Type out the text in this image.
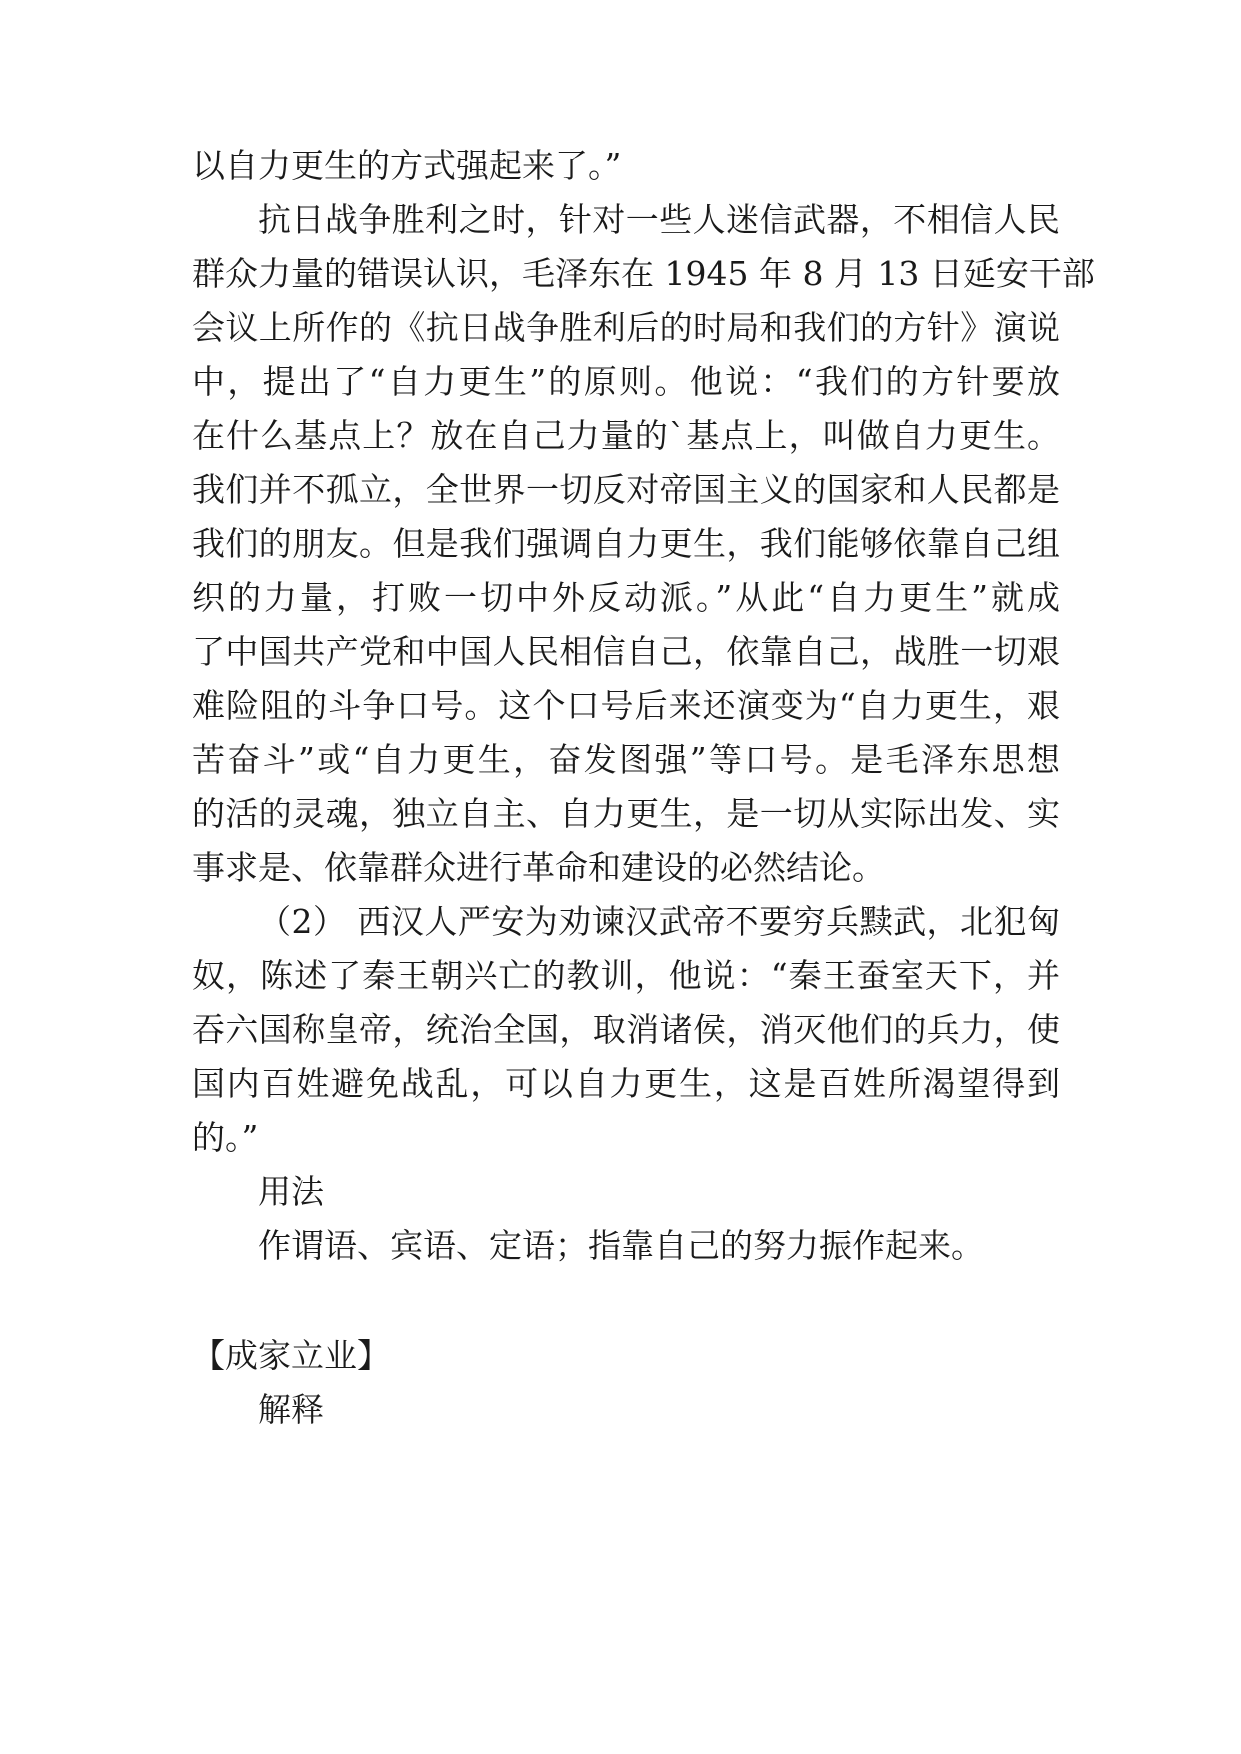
以自力更生的方式强起来了。”
抗日战争胜利之时，针对一些人迷信武器，不相信人民
群众力量的错误认识，毛泽东在 1945 年 8 月 13 日延安干部
会议上所作的《抗日战争胜利后的时局和我们的方针》演说
中，提出了“自力更生”的原则。他说：“我们的方针要放
在什么基点上？放在自己力量的`基点上，叫做自力更生。
我们并不孤立，全世界一切反对帝国主义的国家和人民都是
我们的朋友。但是我们强调自力更生，我们能够依靠自己组
织的力量，打败一切中外反动派。”从此“自力更生”就成
了中国共产党和中国人民相信自己，依靠自己，战胜一切艰
难险阻的斗争口号。这个口号后来还演变为“自力更生，艰
苦奋斗”或“自力更生，奋发图强”等口号。是毛泽东思想
的活的灵魂，独立自主、自力更生，是一切从实际出发、实
事求是、依靠群众进行革命和建设的必然结论。
（2） 西汉人严安为劝谏汉武帝不要穷兵黩武，北犯匈
奴，陈述了秦王朝兴亡的教训，他说：“秦王蚕室天下，并
吞六国称皇帝，统治全国，取消诸侯，消灭他们的兵力，使
国内百姓避免战乱，可以自力更生，这是百姓所渴望得到
的。”
用法
作谓语、宾语、定语；指靠自己的努力振作起来。
【成家立业】
解释
